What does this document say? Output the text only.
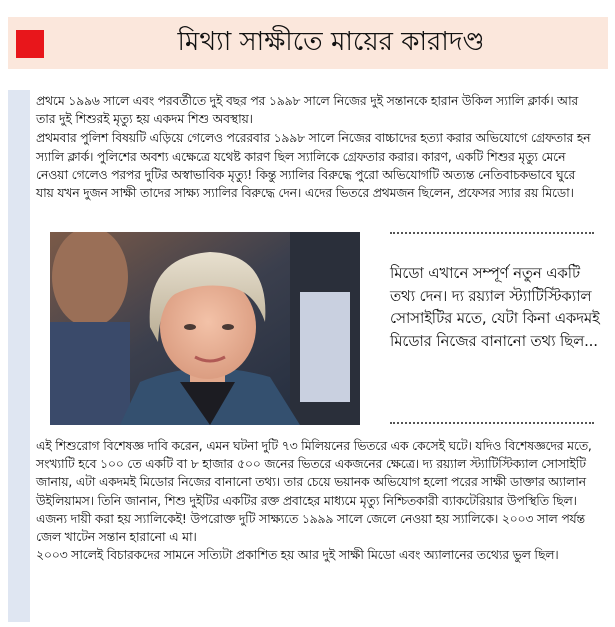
মিথ্যা সাক্ষীতে মায়ের কারাদণ্ড

প্রথমে ১৯৯৬ সালে এবং পরবর্তীতে দুই বছর পর ১৯৯৮ সালে নিজের দুই সন্তানকে হারান উকিল স্যালি ক্লার্ক। আর তার দুই শিশুরই মৃত্যু হয় একদম শিশু অবস্থায়।

প্রথমবার পুলিশ বিষয়টি এড়িয়ে গেলেও পরেরবার ১৯৯৮ সালে নিজের বাচ্চাদের হত্যা করার অভিযোগে গ্রেফতার হন স্যালি ক্লার্ক। পুলিশের অবশ্য এক্ষেত্রে যথেষ্ট কারণ ছিল স্যালিকে গ্রেফতার করার। কারণ, একটি শিশুর মৃত্যু মেনে নেওয়া গেলেও পরপর দুটির অস্বাভাবিক মৃত্যু! কিন্তু স্যালির বিরুদ্ধে পুরো অভিযোগটি অত্যন্ত নেতিবাচকভাবে ঘুরে যায় যখন দুজন সাক্ষী তাদের সাক্ষ্য স্যালির বিরুদ্ধে দেন। এদের ভিতরে প্রথমজন ছিলেন, প্রফেসর স্যার রয় মিডো।

মিডো এখানে সম্পূর্ণ নতুন একটি তথ্য দেন। দ্য রয়্যাল স্ট্যাটিস্টিক্যাল সোসাইটির মতে, যেটা কিনা একদমই মিডোর নিজের বানানো তথ্য ছিল...

এই শিশুরোগ বিশেষজ্ঞ দাবি করেন, এমন ঘটনা দুটি ৭৩ মিলিয়নের ভিতরে এক কেসেই ঘটে। যদিও বিশেষজ্ঞদের মতে, সংখ্যাটি হবে ১০০ তে একটি বা ৮ হাজার ৫০০ জনের ভিতরে একজনের ক্ষেত্রে। দ্য রয়্যাল স্ট্যাটিস্টিক্যাল সোসাইটি জানায়, এটা একদমই মিডোর নিজের বানানো তথ্য। তার চেয়ে ভয়ানক অভিযোগ হলো পরের সাক্ষী ডাক্তার অ্যালান উইলিয়ামস। তিনি জানান, শিশু দুইটির একটির রক্ত প্রবাহের মাধ্যমে মৃত্যু নিশ্চিতকারী ব্যাকটেরিয়ার উপস্থিতি ছিল। এজন্য দায়ী করা হয় স্যালিকেই! উপরোক্ত দুটি সাক্ষ্যতে ১৯৯৯ সালে জেলে নেওয়া হয় স্যালিকে। ২০০৩ সাল পর্যন্ত জেল খাটেন সন্তান হারানো এ মা।

২০০৩ সালেই বিচারকদের সামনে সত্যিটা প্রকাশিত হয় আর দুই সাক্ষী মিডো এবং অ্যালানের তথ্যের ভুল ছিল।
